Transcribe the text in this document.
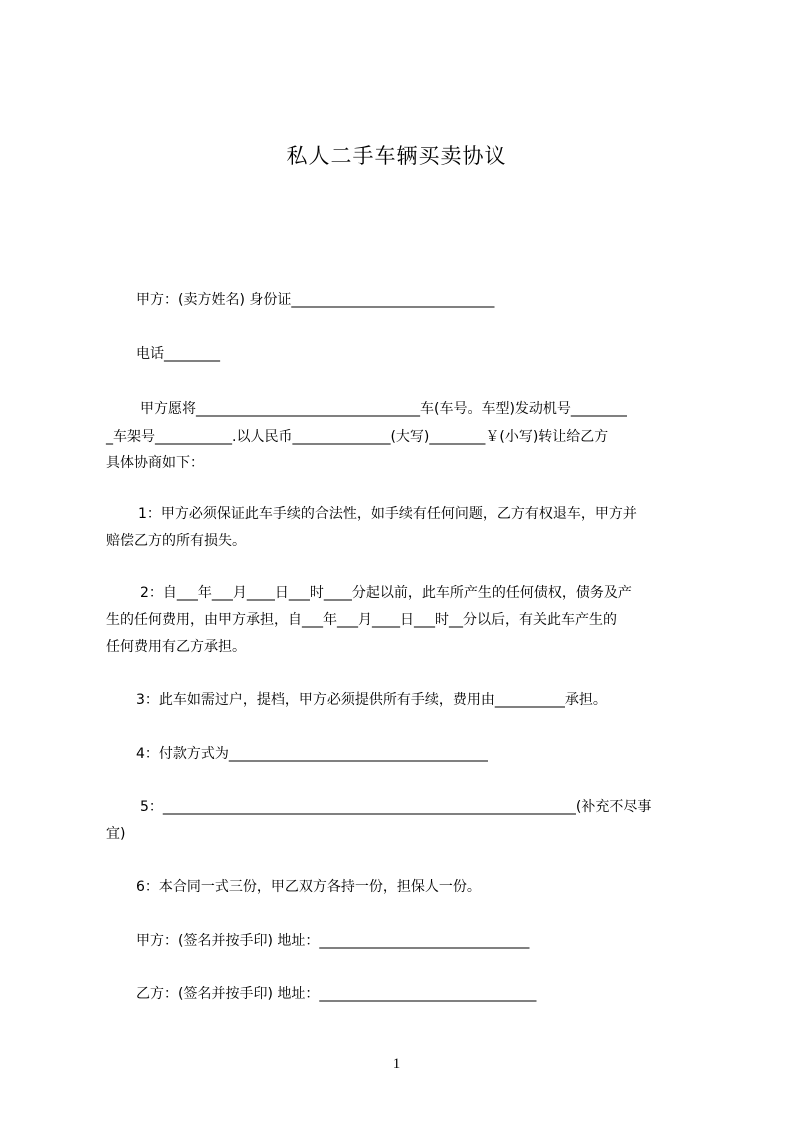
私人二手车辆买卖协议

甲方：(卖方姓名) 身份证_____________________________

电话________

甲方愿将________________________________车(车号。车型)发动机号________

_车架号___________.以人民币______________(大写)________￥(小写)转让给乙方

具体协商如下：

1：甲方必须保证此车手续的合法性，如手续有任何问题，乙方有权退车，甲方并

赔偿乙方的所有损失。

2：自___年___月____日___时____分起以前，此车所产生的任何债权，债务及产

生的任何费用，由甲方承担，自___年___月____日___时__分以后，有关此车产生的

任何费用有乙方承担。

3：此车如需过户，提档，甲方必须提供所有手续，费用由__________承担。

4：付款方式为_____________________________________

5：___________________________________________________________(补充不尽事

宜)

6：本合同一式三份，甲乙双方各持一份，担保人一份。

甲方：(签名并按手印) 地址：______________________________

乙方：(签名并按手印) 地址：_______________________________

1
